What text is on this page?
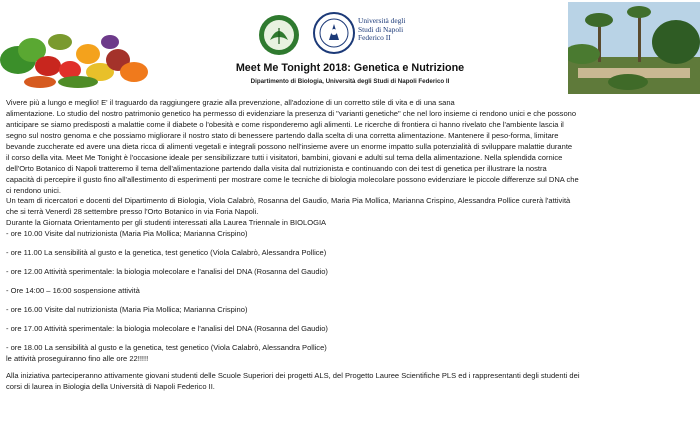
Università degli
Studi di Napoli
Federico II
Meet Me Tonight 2018: Genetica e Nutrizione
Dipartimento di Biologia, Università degli Studi di Napoli Federico II
Vivere più a lungo e meglio! E' il traguardo da raggiungere grazie alla prevenzione, all'adozione di un corretto stile di vita e di una sana
alimentazione. Lo studio del nostro patrimonio genetico ha permesso di evidenziare la presenza di "varianti genetiche" che nel loro insieme ci rendono unici e che possono
anticipare se siamo predisposti a malattie come il diabete o l'obesità e come risponderemo agli alimenti. Le ricerche di frontiera ci hanno rivelato che l'ambiente lascia il
segno sul nostro genoma e che possiamo migliorare il nostro stato di benessere partendo dalla scelta di una corretta alimentazione. Mantenere il peso-forma, limitare
bevande zuccherate ed avere una dieta ricca di alimenti vegetali e integrali possono nell'insieme avere un enorme impatto sulla potenzialità di sviluppare malattie durante
il corso della vita. Meet Me Tonight è l'occasione ideale per sensibilizzare tutti i visitatori, bambini, giovani e adulti sul tema della alimentazione. Nella splendida cornice
dell'Orto Botanico di Napoli tratteremo il tema dell'alimentazione partendo dalla visita dal nutrizionista e continuando con dei test di genetica per illustrare la nostra
capacità di percepire il gusto fino all'allestimento di esperimenti per mostrare come le tecniche di biologia molecolare possono evidenziare le piccole differenze sul DNA che
ci rendono unici.
Un team di ricercatori e docenti del Dipartimento di Biologia, Viola Calabrò, Rosanna del Gaudio, Maria Pia Mollica, Marianna Crispino, Alessandra Pollice curerà l'attività
che si terrà Venerdì 28 settembre presso l'Orto Botanico in via Foria Napoli.
Durante la Giornata Orientamento per gli studenti interessati alla Laurea Triennale in BIOLOGIA
- ore 10.00 Visite dal nutrizionista (Maria Pia Mollica; Marianna Crispino)
- ore 11.00 La sensibilità al gusto e la genetica, test genetico (Viola Calabrò, Alessandra Pollice)
- ore 12.00 Attività sperimentale: la biologia molecolare e l'analisi del DNA (Rosanna del Gaudio)
- Ore 14:00 – 16:00 sospensione attività
- ore 16.00 Visite dal nutrizionista (Maria Pia Mollica; Marianna Crispino)
- ore 17.00 Attività sperimentale: la biologia molecolare e l'analisi del DNA (Rosanna del Gaudio)
- ore 18.00 La sensibilità al gusto e la genetica, test genetico (Viola Calabrò, Alessandra Pollice)
le attività proseguiranno fino alle ore 22!!!!!
Alla iniziativa parteciperanno attivamente giovani studenti delle Scuole Superiori dei progetti ALS, del Progetto Lauree Scientifiche PLS ed i rappresentanti degli studenti dei
corsi di laurea in Biologia della Università di Napoli Federico II.
